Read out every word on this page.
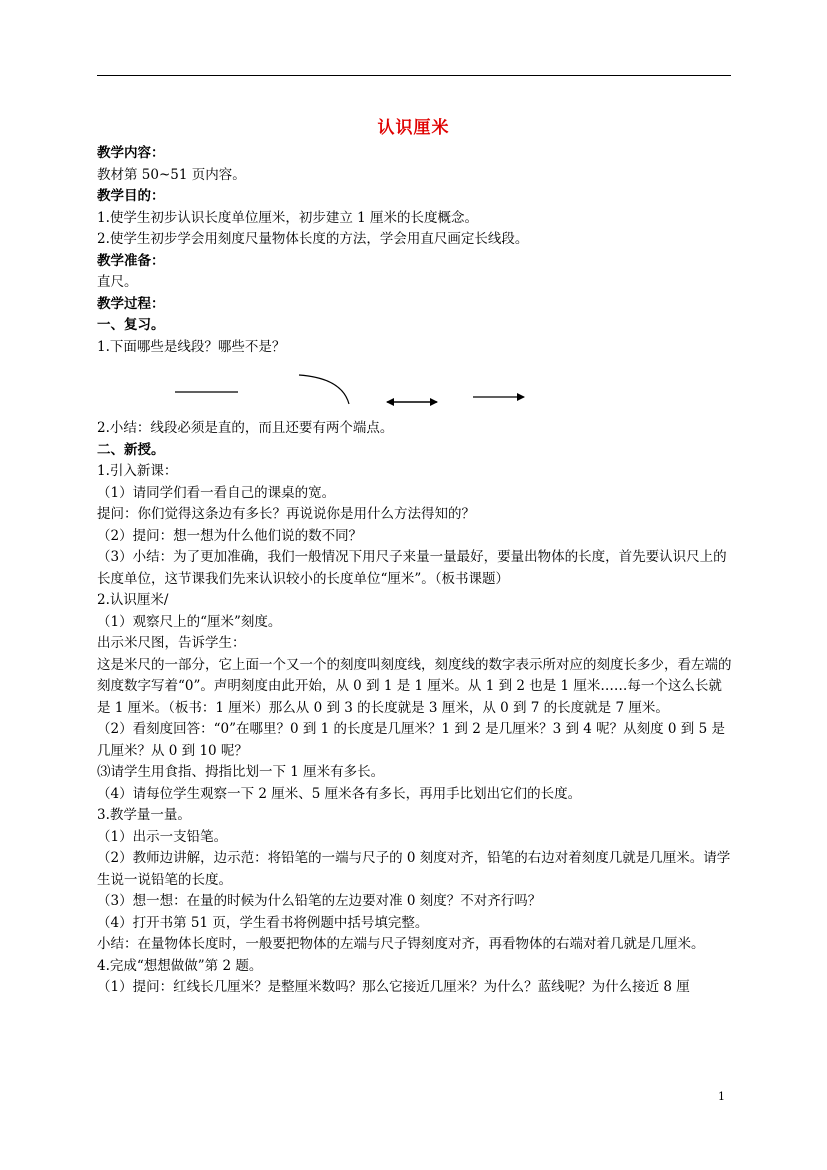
认识厘米

教学内容：

教材第 50~51 页内容。

教学目的：

1.使学生初步认识长度单位厘米，初步建立 1 厘米的长度概念。

2.使学生初步学会用刻度尺量物体长度的方法，学会用直尺画定长线段。

教学准备：

直尺。

教学过程：

一、复习。

1.下面哪些是线段？哪些不是？

2.小结：线段必须是直的，而且还要有两个端点。

二、新授。

1.引入新课：

（1）请同学们看一看自己的课桌的宽。

提问：你们觉得这条边有多长？再说说你是用什么方法得知的？

（2）提问：想一想为什么他们说的数不同？

（3）小结：为了更加准确，我们一般情况下用尺子来量一量最好，要量出物体的长度，首先要认识尺上的长度单位，这节课我们先来认识较小的长度单位“厘米”。（板书课题）

2.认识厘米/

（1）观察尺上的“厘米”刻度。

出示米尺图，告诉学生：

这是米尺的一部分，它上面一个又一个的刻度叫刻度线，刻度线的数字表示所对应的刻度长多少，看左端的刻度数字写着“0”。声明刻度由此开始，从 0 到 1 是 1 厘米。从 1 到 2 也是 1 厘米……每一个这么长就是 1 厘米。（板书：1 厘米）那么从 0 到 3 的长度就是 3 厘米，从 0 到 7 的长度就是 7 厘米。

（2）看刻度回答：“0”在哪里？0 到 1 的长度是几厘米？1 到 2 是几厘米？3 到 4 呢？从刻度 0 到 5 是几厘米？从 0 到 10 呢？

⑶请学生用食指、拇指比划一下 1 厘米有多长。

（4）请每位学生观察一下 2 厘米、5 厘米各有多长，再用手比划出它们的长度。

3.教学量一量。

（1）出示一支铅笔。

（2）教师边讲解，边示范：将铅笔的一端与尺子的 0 刻度对齐，铅笔的右边对着刻度几就是几厘米。请学生说一说铅笔的长度。

（3）想一想：在量的时候为什么铅笔的左边要对准 0 刻度？不对齐行吗？

（4）打开书第 51 页，学生看书将例题中括号填完整。

小结：在量物体长度时，一般要把物体的左端与尺子锝刻度对齐，再看物体的右端对着几就是几厘米。

4.完成“想想做做”第 2 题。

（1）提问：红线长几厘米？是整厘米数吗？那么它接近几厘米？为什么？蓝线呢？为什么接近 8 厘

1
